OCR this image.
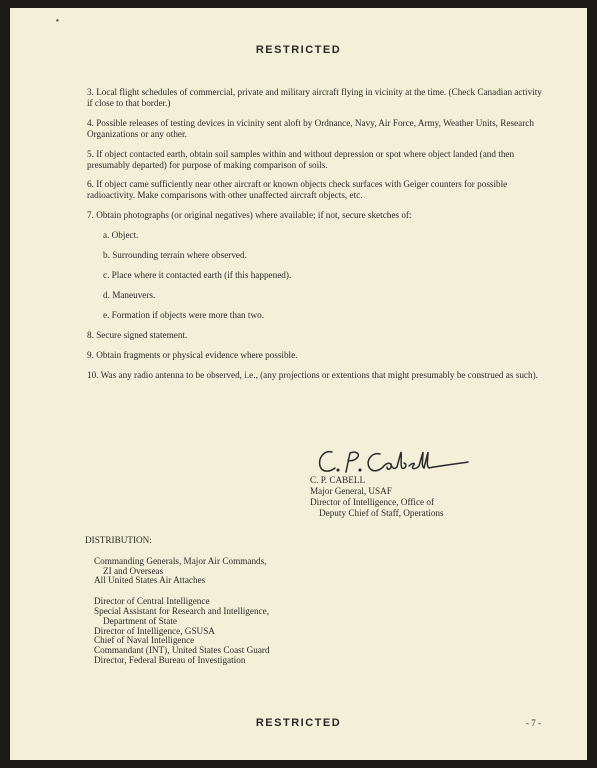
•
RESTRICTED

3. Local flight schedules of commercial, private and military aircraft flying in vicinity at the time. (Check Canadian activity if close to that border.)

4. Possible releases of testing devices in vicinity sent aloft by Ordnance, Navy, Air Force, Army, Weather Units, Research Organizations or any other.

5. If object contacted earth, obtain soil samples within and without depression or spot where object landed (and then presumably departed) for purpose of making comparison of soils.

6. If object came sufficiently near other aircraft or known objects check surfaces with Geiger counters for possible radioactivity. Make comparisons with other unaffected aircraft objects, etc.

7. Obtain photographs (or original negatives) where available; if not, secure sketches of:

a. Object.

b. Surrounding terrain where observed.

c. Place where it contacted earth (if this happened).

d. Maneuvers.

e. Formation if objects were more than two.

8. Secure signed statement.

9. Obtain fragments or physical evidence where possible.

10. Was any radio antenna to be observed, i.e., (any projections or extentions that might presumably be construed as such).

C. P. CABELL
Major General, USAF
Director of Intelligence, Office of
Deputy Chief of Staff, Operations
DISTRIBUTION:
Commanding Generals, Major Air Commands,
ZI and Overseas
All United States Air Attaches
Director of Central Intelligence
Special Assistant for Research and Intelligence,
Department of State
Director of Intelligence, GSUSA
Chief of Naval Intelligence
Commandant (INT), United States Coast Guard
Director, Federal Bureau of Investigation
RESTRICTED	- 7 -
